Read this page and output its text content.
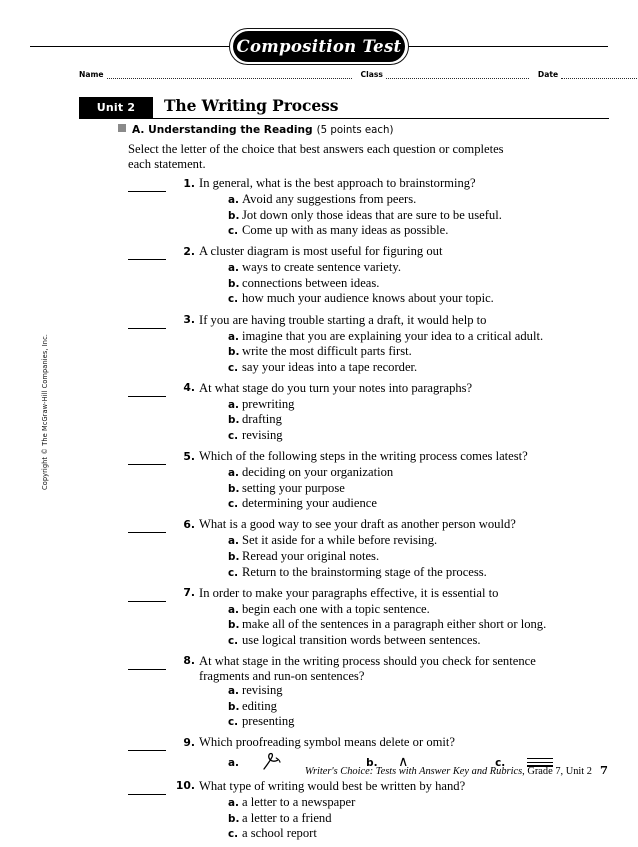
Composition Test
Name	Class	Date
Unit 2	The Writing Process
A. Understanding the Reading (5 points each)
Select the letter of the choice that best answers each question or completes each statement.
1. In general, what is the best approach to brainstorming?
a. Avoid any suggestions from peers.
b. Jot down only those ideas that are sure to be useful.
c. Come up with as many ideas as possible.
2. A cluster diagram is most useful for figuring out
a. ways to create sentence variety.
b. connections between ideas.
c. how much your audience knows about your topic.
3. If you are having trouble starting a draft, it would help to
a. imagine that you are explaining your idea to a critical adult.
b. write the most difficult parts first.
c. say your ideas into a tape recorder.
4. At what stage do you turn your notes into paragraphs?
a. prewriting
b. drafting
c. revising
5. Which of the following steps in the writing process comes latest?
a. deciding on your organization
b. setting your purpose
c. determining your audience
6. What is a good way to see your draft as another person would?
a. Set it aside for a while before revising.
b. Reread your original notes.
c. Return to the brainstorming stage of the process.
7. In order to make your paragraphs effective, it is essential to
a. begin each one with a topic sentence.
b. make all of the sentences in a paragraph either short or long.
c. use logical transition words between sentences.
8. At what stage in the writing process should you check for sentence fragments and run-on sentences?
a. revising
b. editing
c. presenting
9. Which proofreading symbol means delete or omit?
a.	b. ∧	c.
10. What type of writing would best be written by hand?
a. a letter to a newspaper
b. a letter to a friend
c. a school report
Copyright © The McGraw-Hill Companies, Inc.
Writer's Choice: Tests with Answer Key and Rubrics, Grade 7, Unit 2 7
